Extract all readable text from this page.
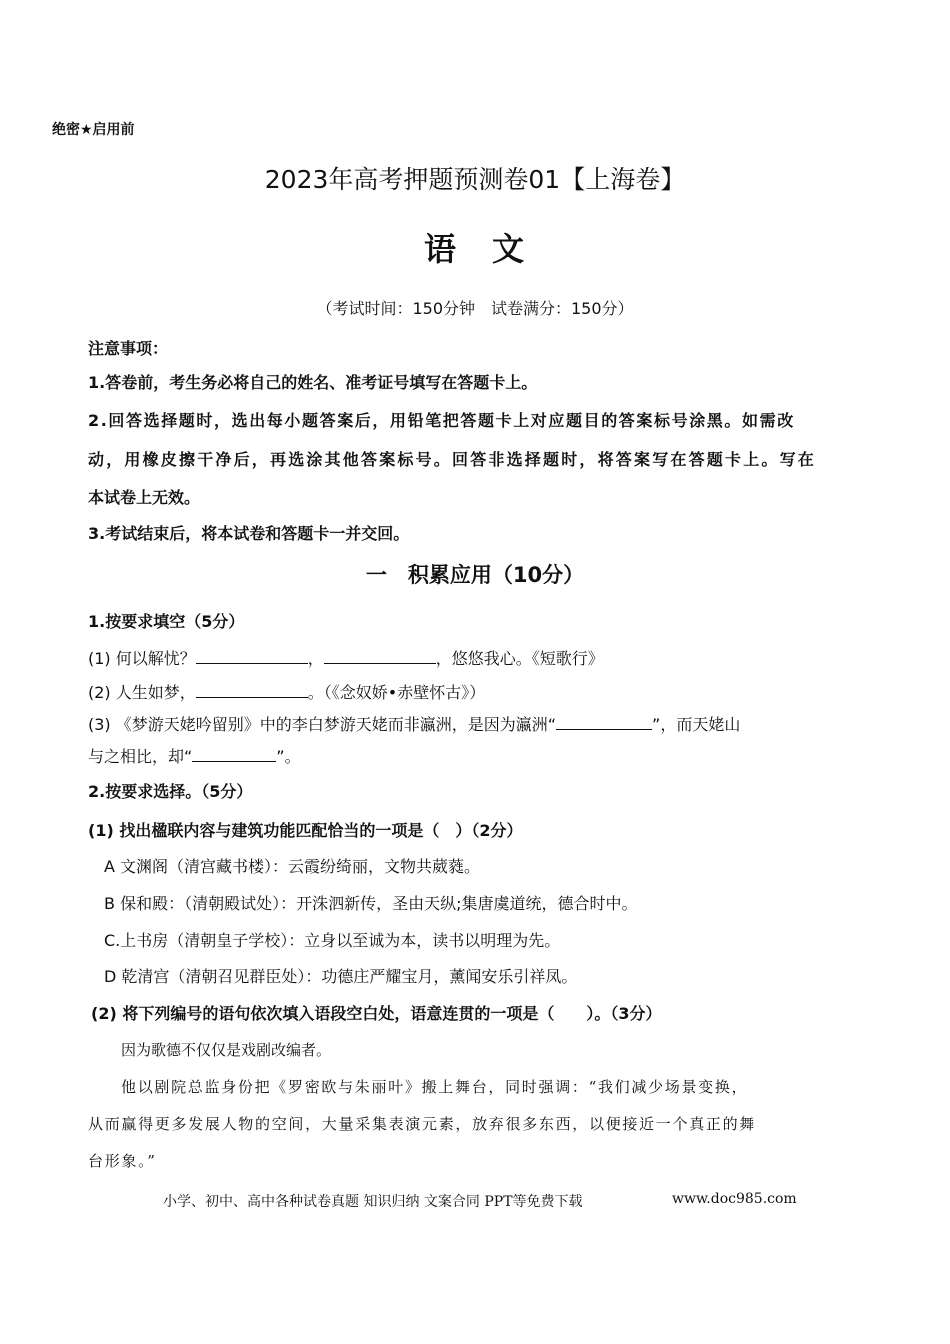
绝密★启用前
2023年高考押题预测卷01【上海卷】
语　文
（考试时间：150分钟　试卷满分：150分）
注意事项：
1.答卷前，考生务必将自己的姓名、准考证号填写在答题卡上。
2.回答选择题时，选出每小题答案后，用铅笔把答题卡上对应题目的答案标号涂黑。如需改
动，用橡皮擦干净后，再选涂其他答案标号。回答非选择题时，将答案写在答题卡上。写在
本试卷上无效。
3.考试结束后，将本试卷和答题卡一并交回。
一　积累应用（10分）
1.按要求填空（5分）
(1) 何以解忧？	，	，悠悠我心。《短歌行》
(2) 人生如梦，	。（《念奴娇•赤壁怀古》）
(3) 《梦游天姥吟留别》中的李白梦游天姥而非瀛洲，是因为瀛洲“	”，而天姥山
与之相比，却“	”。
2.按要求选择。（5分）
(1) 找出楹联内容与建筑功能匹配恰当的一项是（　）（2分）
A 文渊阁（清宫藏书楼）：云霞纷绮丽，文物共葳蕤。
B 保和殿：（清朝殿试处）：开洙泗新传，圣由天纵;集唐虞道统，德合时中。
C.上书房（清朝皇子学校）：立身以至诚为本，读书以明理为先。
D 乾清宫（清朝召见群臣处）：功德庄严耀宝月，薰闻安乐引祥凤。
(2) 将下列编号的语句依次填入语段空白处，语意连贯的一项是（　　）。（3分）
因为歌德不仅仅是戏剧改编者。
他以剧院总监身份把《罗密欧与朱丽叶》搬上舞台，同时强调：“我们减少场景变换，
从而赢得更多发展人物的空间，大量采集表演元素，放弃很多东西，以便接近一个真正的舞
台形象。”
小学、初中、高中各种试卷真题 知识归纳 文案合同 PPT等免费下载	www.doc985.com
